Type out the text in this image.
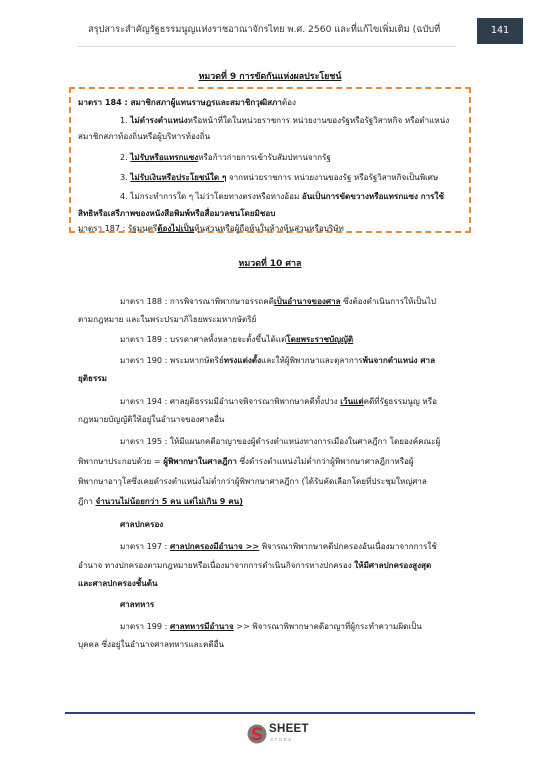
สรุปสาระสำคัญรัฐธรรมนูญแห่งราชอาณาจักรไทย พ.ศ. 2560 และที่แก้ไขเพิ่มเติม (ฉบับที่	141
หมวดที่ 9 การขัดกันแห่งผลประโยชน์
มาตรา 184 : สมาชิกสภาผู้แทนราษฎรและสมาชิกวุฒิสภาต้อง
1. ไม่ดำรงตำแหน่งหรือหน้าที่ใดในหน่วยราชการ หน่วยงานของรัฐหรือรัฐวิสาหกิจ หรือตำแหน่ง
สมาชิกสภาท้องถิ่นหรือผู้บริหารท้องถิ่น
2. ไม่รับหรือแทรกแซงหรือก้าวก่ายการเข้ารับสัมปทานจากรัฐ
3. ไม่รับเงินหรือประโยชน์ใด ๆ จากหน่วยราชการ หน่วยงานของรัฐ หรือรัฐวิสาหกิจเป็นพิเศษ
4. ไม่กระทำการใด ๆ ไม่ว่าโดยทางตรงหรือทางอ้อม อันเป็นการขัดขวางหรือแทรกแซง การใช้
สิทธิหรือเสรีภาพของหนังสือพิมพ์หรือสื่อมวลชนโดยมิชอบ
มาตรา 187 : รัฐมนตรีต้องไม่เป็นหุ้นส่วนหรือผู้ถือหุ้นในห้างหุ้นส่วนหรือบริษัท
หมวดที่ 10 ศาล
มาตรา 188 : การพิจารณาพิพากษาอรรถคดีเป็นอำนาจของศาล ซึ่งต้องดำเนินการให้เป็นไป
ตามกฎหมาย และในพระปรมาภิไธยพระมหากษัตริย์
มาตรา 189 : บรรดาศาลทั้งหลายจะตั้งขึ้นได้แต่โดยพระราชบัญญัติ
มาตรา 190 : พระมหากษัตริย์ทรงแต่งตั้งและให้ผู้พิพากษาและตุลาการพ้นจากตำแหน่ง ศาล
ยุติธรรม
มาตรา 194 : ศาลยุติธรรมมีอำนาจพิจารณาพิพากษาคดีทั้งปวง เว้นแต่คดีที่รัฐธรรมนูญ หรือ
กฎหมายบัญญัติให้อยู่ในอำนาจของศาลอื่น
มาตรา 195 : ให้มีแผนกคดีอาญาของผู้ดำรงตำแหน่งทางการเมืองในศาลฎีกา โดยองค์คณะผู้
พิพากษาประกอบด้วย = ผู้พิพากษาในศาลฎีกา ซึ่งดำรงตำแหน่งไม่ต่ำกว่าผู้พิพากษาศาลฎีกาหรือผู้
พิพากษาอาวุโสซึ่งเคยดำรงตำแหน่งไม่ต่ำกว่าผู้พิพากษาศาลฎีกา (ได้รับคัดเลือกโดยที่ประชุมใหญ่ศาล
ฎีกา จำนวนไม่น้อยกว่า 5 คน แต่ไม่เกิน 9 คน)
ศาลปกครอง
มาตรา 197 : ศาลปกครองมีอำนาจ >> พิจารณาพิพากษาคดีปกครองอันเนื่องมาจากการใช้
อำนาจ ทางปกครองตามกฎหมายหรือเนื่องมาจากการดำเนินกิจการทางปกครอง ให้มีศาลปกครองสูงสุด
และศาลปกครองชั้นต้น
ศาลทหาร
มาตรา 199 : ศาลทหารมีอำนาจ >> พิจารณาพิพากษาคดีอาญาที่ผู้กระทำความผิดเป็น
บุคคล ซึ่งอยู่ในอำนาจศาลทหารและคดีอื่น
SHEET
STORE
